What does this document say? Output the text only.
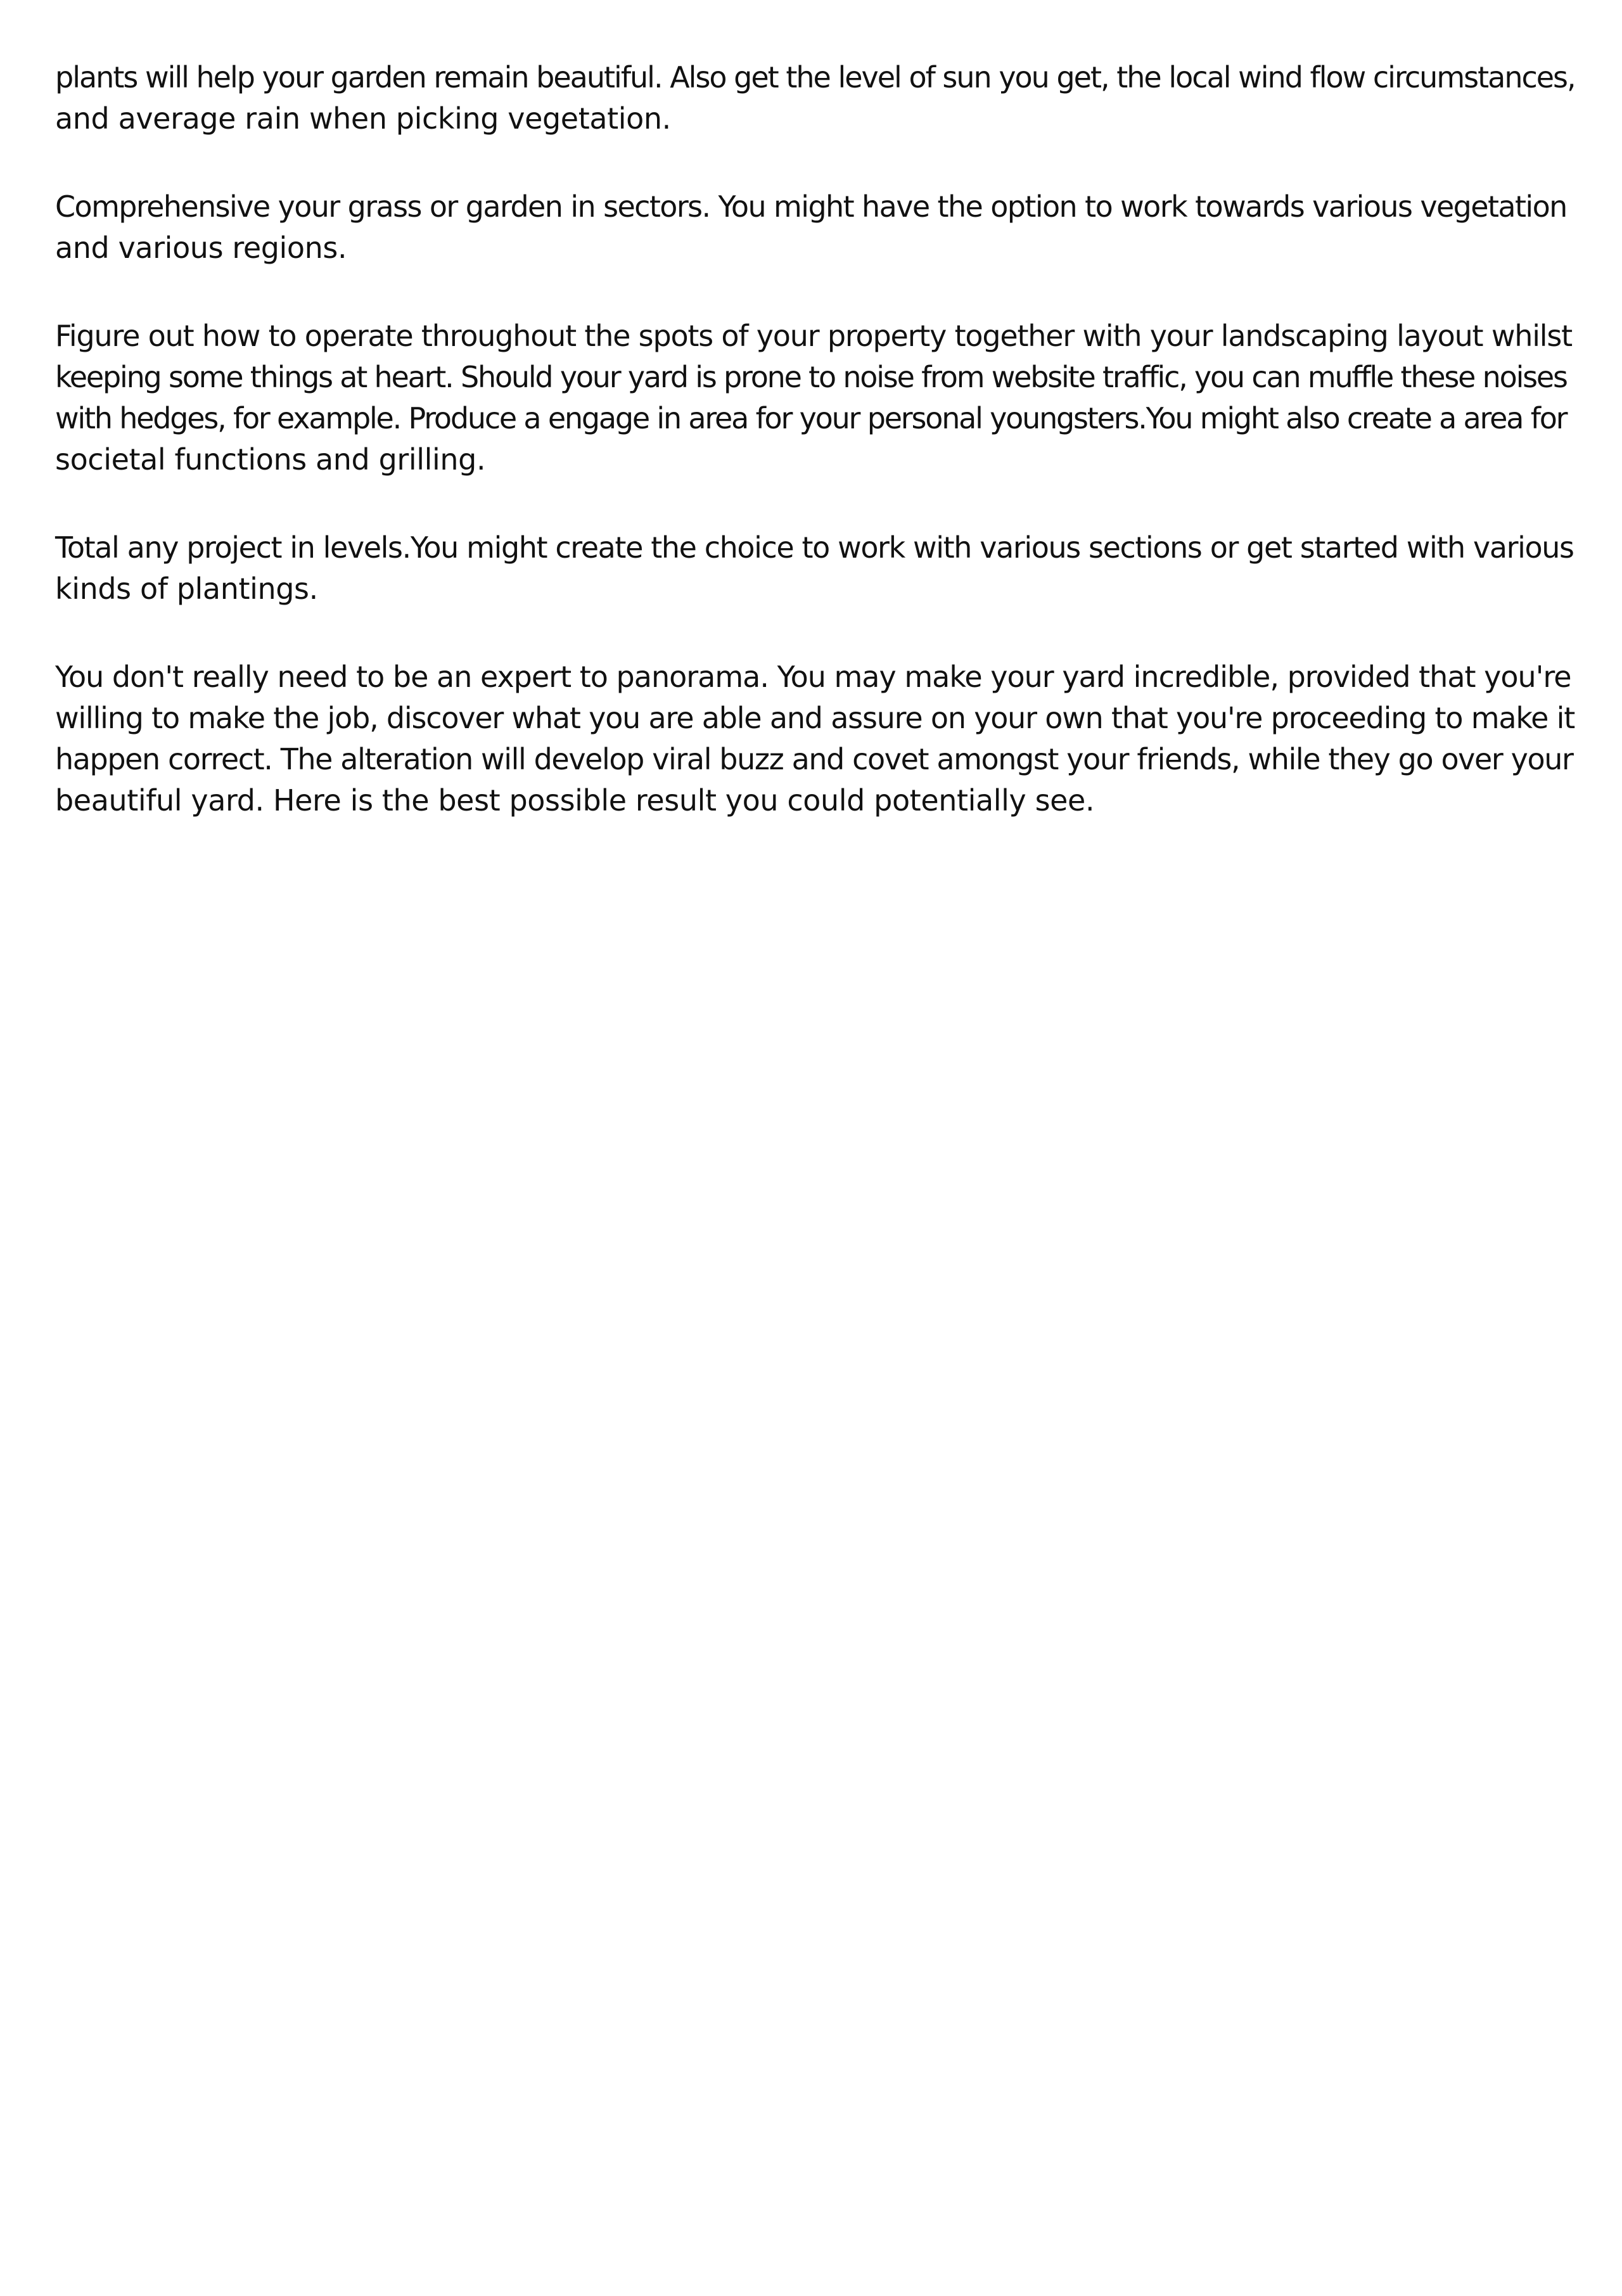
plants will help your garden remain beautiful. Also get the level of sun you get, the local wind flow circumstances,
and average rain when picking vegetation.

Comprehensive your grass or garden in sectors. You might have the option to work towards various vegetation
and various regions.

Figure out how to operate throughout the spots of your property together with your landscaping layout whilst
keeping some things at heart. Should your yard is prone to noise from website traffic, you can muffle these noises
with hedges, for example. Produce a engage in area for your personal youngsters.You might also create a area for
societal functions and grilling.

Total any project in levels.You might create the choice to work with various sections or get started with various
kinds of plantings.

You don't really need to be an expert to panorama. You may make your yard incredible, provided that you're
willing to make the job, discover what you are able and assure on your own that you're proceeding to make it
happen correct. The alteration will develop viral buzz and covet amongst your friends, while they go over your
beautiful yard. Here is the best possible result you could potentially see.
